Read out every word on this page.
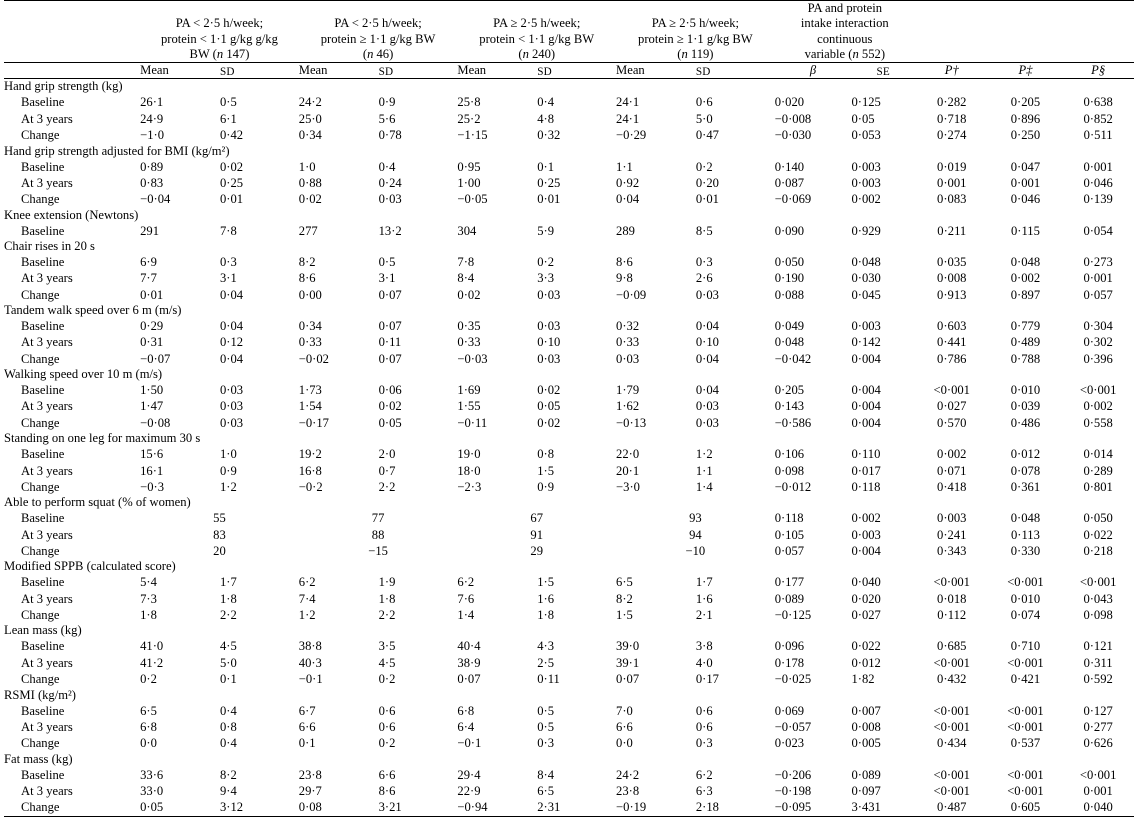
PA < 2·5 h/week;
protein < 1·1 g/kg g/kg
BW (n 147)

PA < 2·5 h/week;
protein ≥ 1·1 g/kg BW
(n 46)

PA ≥ 2·5 h/week;
protein < 1·1 g/kg BW
(n 240)

PA ≥ 2·5 h/week;
protein ≥ 1·1 g/kg BW
(n 119)

PA and protein
intake interaction
continuous
variable (n 552)

	Mean	SD	Mean	SD	Mean	SD	Mean	SD	β	SE	P†	P‡	P§
Hand grip strength (kg)													
Baseline	26·1	0·5	24·2	0·9	25·8	0·4	24·1	0·6	0·020	0·125	0·282	0·205	0·638
At 3 years	24·9	6·1	25·0	5·6	25·2	4·8	24·1	5·0	−0·008	0·05	0·718	0·896	0·852
Change	−1·0	0·42	0·34	0·78	−1·15	0·32	−0·29	0·47	−0·030	0·053	0·274	0·250	0·511
Hand grip strength adjusted for BMI (kg/m²)													
Baseline	0·89	0·02	1·0	0·4	0·95	0·1	1·1	0·2	0·140	0·003	0·019	0·047	0·001
At 3 years	0·83	0·25	0·88	0·24	1·00	0·25	0·92	0·20	0·087	0·003	0·001	0·001	0·046
Change	−0·04	0·01	0·02	0·03	−0·05	0·01	0·04	0·01	−0·069	0·002	0·083	0·046	0·139
Knee extension (Newtons)													
Baseline	291	7·8	277	13·2	304	5·9	289	8·5	0·090	0·929	0·211	0·115	0·054
Chair rises in 20 s													
Baseline	6·9	0·3	8·2	0·5	7·8	0·2	8·6	0·3	0·050	0·048	0·035	0·048	0·273
At 3 years	7·7	3·1	8·6	3·1	8·4	3·3	9·8	2·6	0·190	0·030	0·008	0·002	0·001
Change	0·01	0·04	0·00	0·07	0·02	0·03	−0·09	0·03	0·088	0·045	0·913	0·897	0·057
Tandem walk speed over 6 m (m/s)													
Baseline	0·29	0·04	0·34	0·07	0·35	0·03	0·32	0·04	0·049	0·003	0·603	0·779	0·304
At 3 years	0·31	0·12	0·33	0·11	0·33	0·10	0·33	0·10	0·048	0·142	0·441	0·489	0·302
Change	−0·07	0·04	−0·02	0·07	−0·03	0·03	0·03	0·04	−0·042	0·004	0·786	0·788	0·396
Walking speed over 10 m (m/s)													
Baseline	1·50	0·03	1·73	0·06	1·69	0·02	1·79	0·04	0·205	0·004	<0·001	0·010	<0·001
At 3 years	1·47	0·03	1·54	0·02	1·55	0·05	1·62	0·03	0·143	0·004	0·027	0·039	0·002
Change	−0·08	0·03	−0·17	0·05	−0·11	0·02	−0·13	0·03	−0·586	0·004	0·570	0·486	0·558
Standing on one leg for maximum 30 s													
Baseline	15·6	1·0	19·2	2·0	19·0	0·8	22·0	1·2	0·106	0·110	0·002	0·012	0·014
At 3 years	16·1	0·9	16·8	0·7	18·0	1·5	20·1	1·1	0·098	0·017	0·071	0·078	0·289
Change	−0·3	1·2	−0·2	2·2	−2·3	0·9	−3·0	1·4	−0·012	0·118	0·418	0·361	0·801
Able to perform squat (% of women)													
Baseline	55		77		67		93		0·118	0·002	0·003	0·048	0·050
At 3 years	83		88		91		94		0·105	0·003	0·241	0·113	0·022
Change	20		−15		29		−10		0·057	0·004	0·343	0·330	0·218
Modified SPPB (calculated score)													
Baseline	5·4	1·7	6·2	1·9	6·2	1·5	6·5	1·7	0·177	0·040	<0·001	<0·001	<0·001
At 3 years	7·3	1·8	7·4	1·8	7·6	1·6	8·2	1·6	0·089	0·020	0·018	0·010	0·043
Change	1·8	2·2	1·2	2·2	1·4	1·8	1·5	2·1	−0·125	0·027	0·112	0·074	0·098
Lean mass (kg)													
Baseline	41·0	4·5	38·8	3·5	40·4	4·3	39·0	3·8	0·096	0·022	0·685	0·710	0·121
At 3 years	41·2	5·0	40·3	4·5	38·9	2·5	39·1	4·0	0·178	0·012	<0·001	<0·001	0·311
Change	0·2	0·1	−0·1	0·2	0·07	0·11	0·07	0·17	−0·025	1·82	0·432	0·421	0·592
RSMI (kg/m²)													
Baseline	6·5	0·4	6·7	0·6	6·8	0·5	7·0	0·6	0·069	0·007	<0·001	<0·001	0·127
At 3 years	6·8	0·8	6·6	0·6	6·4	0·5	6·6	0·6	−0·057	0·008	<0·001	<0·001	0·277
Change	0·0	0·4	0·1	0·2	−0·1	0·3	0·0	0·3	0·023	0·005	0·434	0·537	0·626
Fat mass (kg)													
Baseline	33·6	8·2	23·8	6·6	29·4	8·4	24·2	6·2	−0·206	0·089	<0·001	<0·001	<0·001
At 3 years	33·0	9·4	29·7	8·6	22·9	6·5	23·8	6·3	−0·198	0·097	<0·001	<0·001	0·001
Change	0·05	3·12	0·08	3·21	−0·94	2·31	−0·19	2·18	−0·095	3·431	0·487	0·605	0·040
